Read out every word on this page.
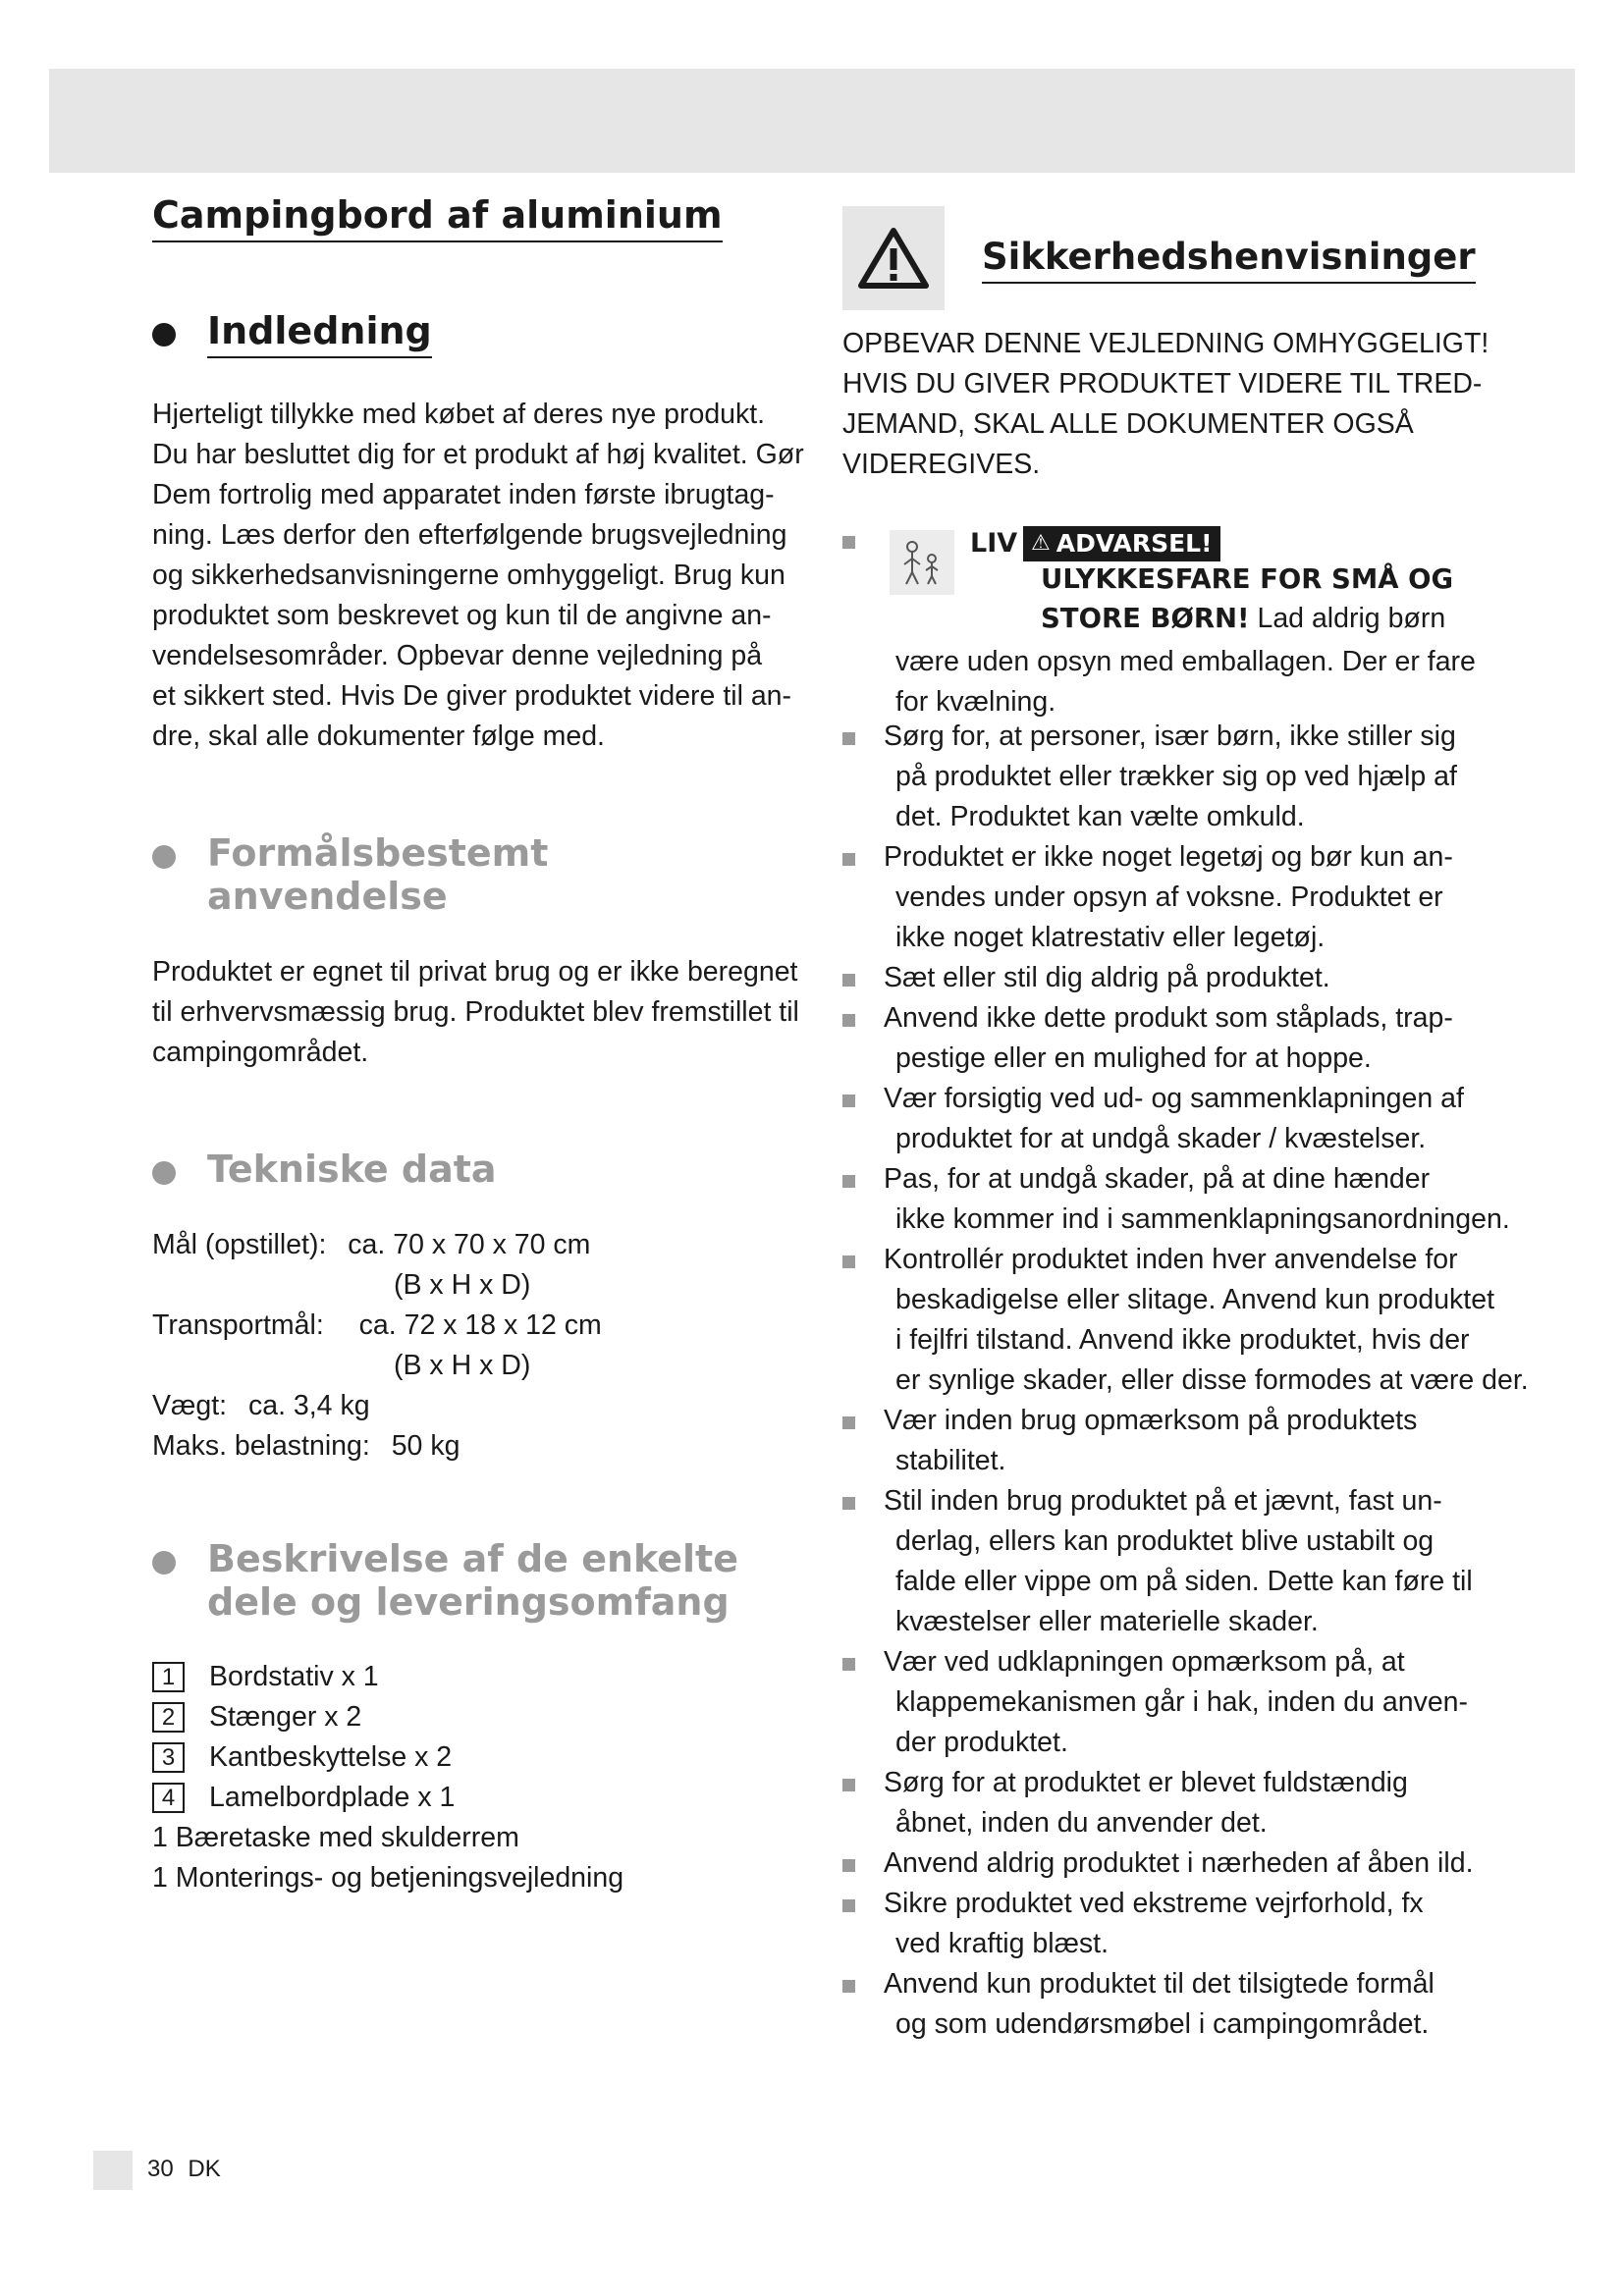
Campingbord af aluminium
Indledning
Hjerteligt tillykke med købet af deres nye produkt.
Du har besluttet dig for et produkt af høj kvalitet. Gør
Dem fortrolig med apparatet inden første ibrugtag-
ning. Læs derfor den efterfølgende brugsvejledning
og sikkerhedsanvisningerne omhyggeligt. Brug kun
produktet som beskrevet og kun til de angivne an-
vendelsesområder. Opbevar denne vejledning på
et sikkert sted. Hvis De giver produktet videre til an-
dre, skal alle dokumenter følge med.
Formålsbestemt anvendelse
Produktet er egnet til privat brug og er ikke beregnet
til erhvervsmæssig brug. Produktet blev fremstillet til
campingområdet.
Tekniske data
Mål (opstillet): ca. 70 x 70 x 70 cm
(B x H x D)
Transportmål: ca. 72 x 18 x 12 cm
(B x H x D)
Vægt: ca. 3,4 kg
Maks. belastning: 50 kg
Beskrivelse af de enkelte
dele og leveringsomfang
1	Bordstativ x 1
2	Stænger x 2
3	Kantbeskyttelse x 2
4	Lamelbordplade x 1
1 Bæretaske med skulderrem
1 Monterings- og betjeningsvejledning
Sikkerhedshenvisninger
OPBEVAR DENNE VEJLEDNING OMHYGGELIGT!
HVIS DU GIVER PRODUKTET VIDERE TIL TRED-
JEMAND, SKAL ALLE DOKUMENTER OGSÅ
VIDEREGIVES.
LIV ⚠ ADVARSEL!
ULYKKESFARE FOR SMÅ OG
STORE BØRN! Lad aldrig børn
være uden opsyn med emballagen. Der er fare
for kvælning.
Sørg for, at personer, især børn, ikke stiller sig
på produktet eller trækker sig op ved hjælp af
det. Produktet kan vælte omkuld.
Produktet er ikke noget legetøj og bør kun an-
vendes under opsyn af voksne. Produktet er
ikke noget klatrestativ eller legetøj.
Sæt eller stil dig aldrig på produktet.
Anvend ikke dette produkt som ståplads, trap-
pestige eller en mulighed for at hoppe.
Vær forsigtig ved ud- og sammenklapningen af
produktet for at undgå skader / kvæstelser.
Pas, for at undgå skader, på at dine hænder
ikke kommer ind i sammenklapningsanordningen.
Kontrollér produktet inden hver anvendelse for
beskadigelse eller slitage. Anvend kun produktet
i fejlfri tilstand. Anvend ikke produktet, hvis der
er synlige skader, eller disse formodes at være der.
Vær inden brug opmærksom på produktets
stabilitet.
Stil inden brug produktet på et jævnt, fast un-
derlag, ellers kan produktet blive ustabilt og
falde eller vippe om på siden. Dette kan føre til
kvæstelser eller materielle skader.
Vær ved udklapningen opmærksom på, at
klappemekanismen går i hak, inden du anven-
der produktet.
Sørg for at produktet er blevet fuldstændig
åbnet, inden du anvender det.
Anvend aldrig produktet i nærheden af åben ild.
Sikre produktet ved ekstreme vejrforhold, fx
ved kraftig blæst.
Anvend kun produktet til det tilsigtede formål
og som udendørsmøbel i campingområdet.
30 DK
